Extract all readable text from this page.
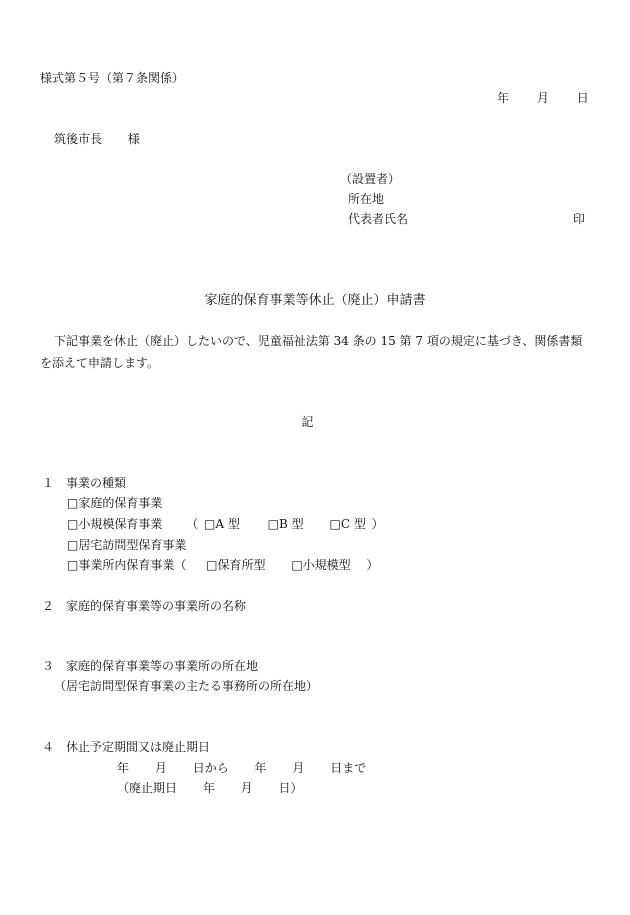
様式第５号（第７条関係）
年 月 日
筑後市長 様
（設置者）
所在地
代表者氏名	印
家庭的保育事業等休止（廃止）申請書
下記事業を休止（廃止）したいので、児童福祉法第 34 条の 15 第 7 項の規定に基づき、関係書類を添えて申請します。
記
１　事業の種類
□家庭的保育事業
□小規模保育事業 （ □A 型 □B 型 □C 型 ）
□居宅訪問型保育事業
□事業所内保育事業（ □保育所型 □小規模型 ）
２　家庭的保育事業等の事業所の名称
３　家庭的保育事業等の事業所の所在地
（居宅訪問型保育事業の主たる事務所の所在地）
４　休止予定期間又は廃止期日
年 月 日から 年 月 日まで
（廃止期日 年 月 日）
